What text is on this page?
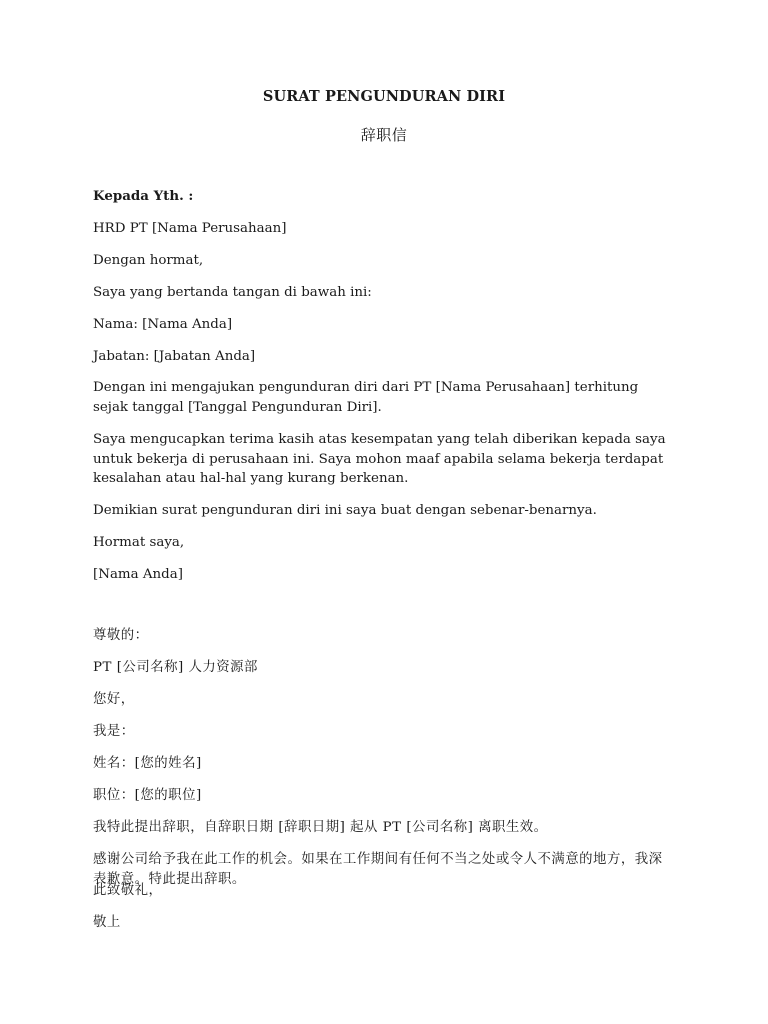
SURAT PENGUNDURAN DIRI
辞职信

Kepada Yth. :

HRD PT [Nama Perusahaan]

Dengan hormat,

Saya yang bertanda tangan di bawah ini:

Nama: [Nama Anda]

Jabatan: [Jabatan Anda]

Dengan ini mengajukan pengunduran diri dari PT [Nama Perusahaan] terhitung sejak tanggal [Tanggal Pengunduran Diri].

Saya mengucapkan terima kasih atas kesempatan yang telah diberikan kepada saya untuk bekerja di perusahaan ini. Saya mohon maaf apabila selama bekerja terdapat kesalahan atau hal-hal yang kurang berkenan.

Demikian surat pengunduran diri ini saya buat dengan sebenar-benarnya.

Hormat saya,

[Nama Anda]

尊敬的：

PT [公司名称] 人力资源部

您好，

我是：

姓名：[您的姓名]

职位：[您的职位]

我特此提出辞职，自辞职日期 [辞职日期] 起从 PT [公司名称] 离职生效。

感谢公司给予我在此工作的机会。如果在工作期间有任何不当之处或令人不满意的地方，我深表歉意。特此提出辞职。

此致敬礼，

敬上
